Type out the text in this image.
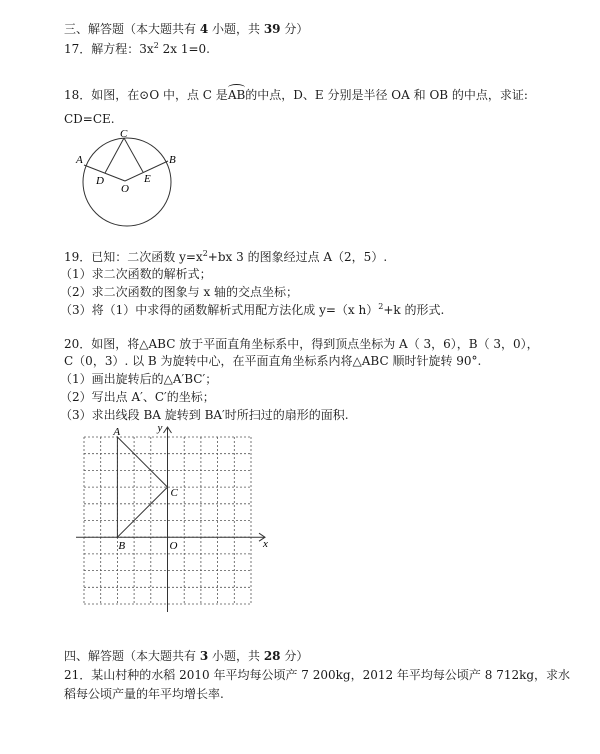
三、解答题（本大题共有 4 小题，共 39 分）
17．解方程：$3x^2$ 2x 1=0.
18．如图，在⊙O 中，点 C 是AB的中点，D、E 分别是半径 OA 和 OB 的中点，求证:
CD=CE.
C
A	B
D	E
O
19．已知：二次函数 $y=x^2+bx$ 3 的图象经过点 A（2，5）.
（1）求二次函数的解析式；
（2）求二次函数的图象与 x 轴的交点坐标；
（3）将（1）中求得的函数解析式用配方法化成 y=（x h）$^2$+k 的形式.
20．如图，将△ABC 放于平面直角坐标系中，得到顶点坐标为 A（ 3，6），B（ 3，0），
C（0，3）. 以 B 为旋转中心，在平面直角坐标系内将△ABC 顺时针旋转 90°.
（1）画出旋转后的△A′BC′；
（2）写出点 A′、C′的坐标；
（3）求出线段 BA 旋转到 BA′时所扫过的扇形的面积.
x
y
O
A
B
C
四、解答题（本大题共有 3 小题，共 28 分）
21．某山村种的水稻 2010 年平均每公顷产 7 200kg，2012 年平均每公顷产 8 712kg，求水
稻每公顷产量的年平均增长率.
